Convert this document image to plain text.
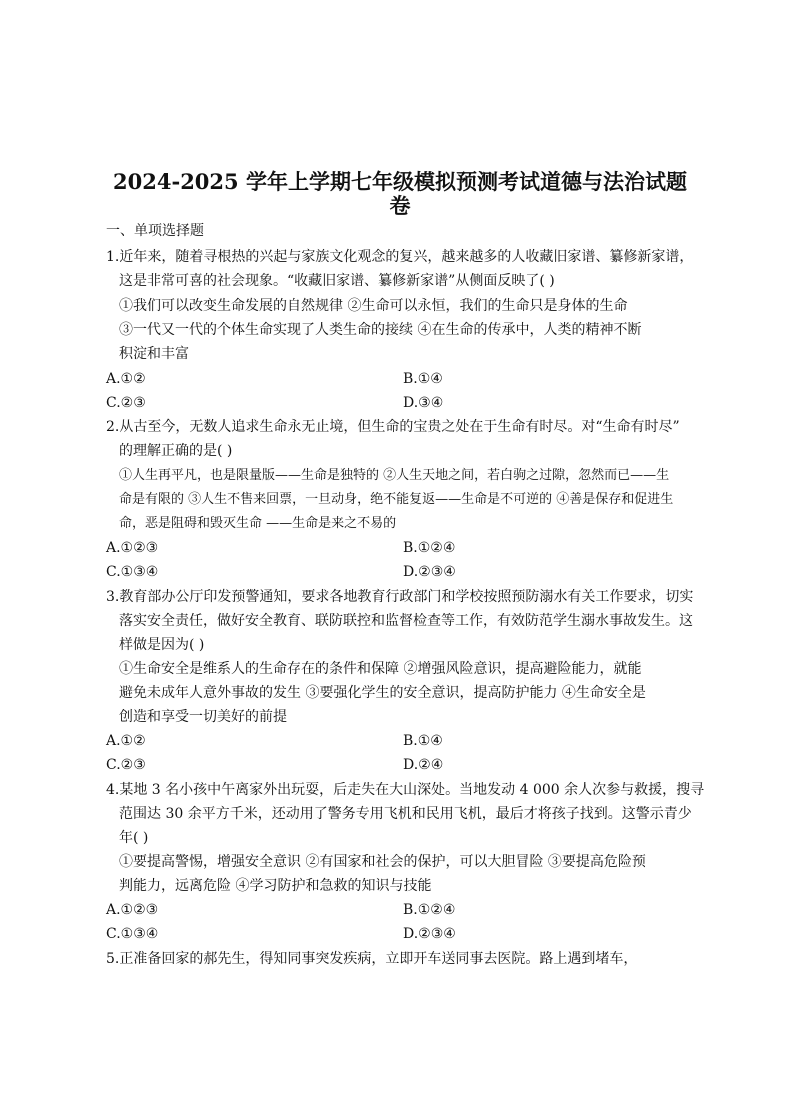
2024-2025 学年上学期七年级模拟预测考试道德与法治试题
卷
一、单项选择题
1.近年来，随着寻根热的兴起与家族文化观念的复兴，越来越多的人收藏旧家谱、纂修新家谱，
这是非常可喜的社会现象。“收藏旧家谱、纂修新家谱”从侧面反映了( )
①我们可以改变生命发展的自然规律 ②生命可以永恒，我们的生命只是身体的生命
③一代又一代的个体生命实现了人类生命的接续 ④在生命的传承中，人类的精神不断
积淀和丰富
A.①②	B.①④
C.②③	D.③④
2.从古至今，无数人追求生命永无止境，但生命的宝贵之处在于生命有时尽。对“生命有时尽”
的理解正确的是( )
①人生再平凡，也是限量版——生命是独特的 ②人生天地之间，若白驹之过隙，忽然而已——生
命是有限的 ③人生不售来回票，一旦动身，绝不能复返——生命是不可逆的 ④善是保存和促进生
命，恶是阻碍和毁灭生命 ——生命是来之不易的
A.①②③	B.①②④
C.①③④	D.②③④
3.教育部办公厅印发预警通知，要求各地教育行政部门和学校按照预防溺水有关工作要求，切实
落实安全责任，做好安全教育、联防联控和监督检查等工作，有效防范学生溺水事故发生。这
样做是因为( )
①生命安全是维系人的生命存在的条件和保障 ②增强风险意识，提高避险能力，就能
避免未成年人意外事故的发生 ③要强化学生的安全意识，提高防护能力 ④生命安全是
创造和享受一切美好的前提
A.①②	B.①④
C.②③	D.②④
4.某地 3 名小孩中午离家外出玩耍，后走失在大山深处。当地发动 4 000 余人次参与救援，搜寻
范围达 30 余平方千米，还动用了警务专用飞机和民用飞机，最后才将孩子找到。这警示青少
年( )
①要提高警惕，增强安全意识 ②有国家和社会的保护，可以大胆冒险 ③要提高危险预
判能力，远离危险 ④学习防护和急救的知识与技能
A.①②③	B.①②④
C.①③④	D.②③④
5.正准备回家的郝先生，得知同事突发疾病，立即开车送同事去医院。路上遇到堵车，
